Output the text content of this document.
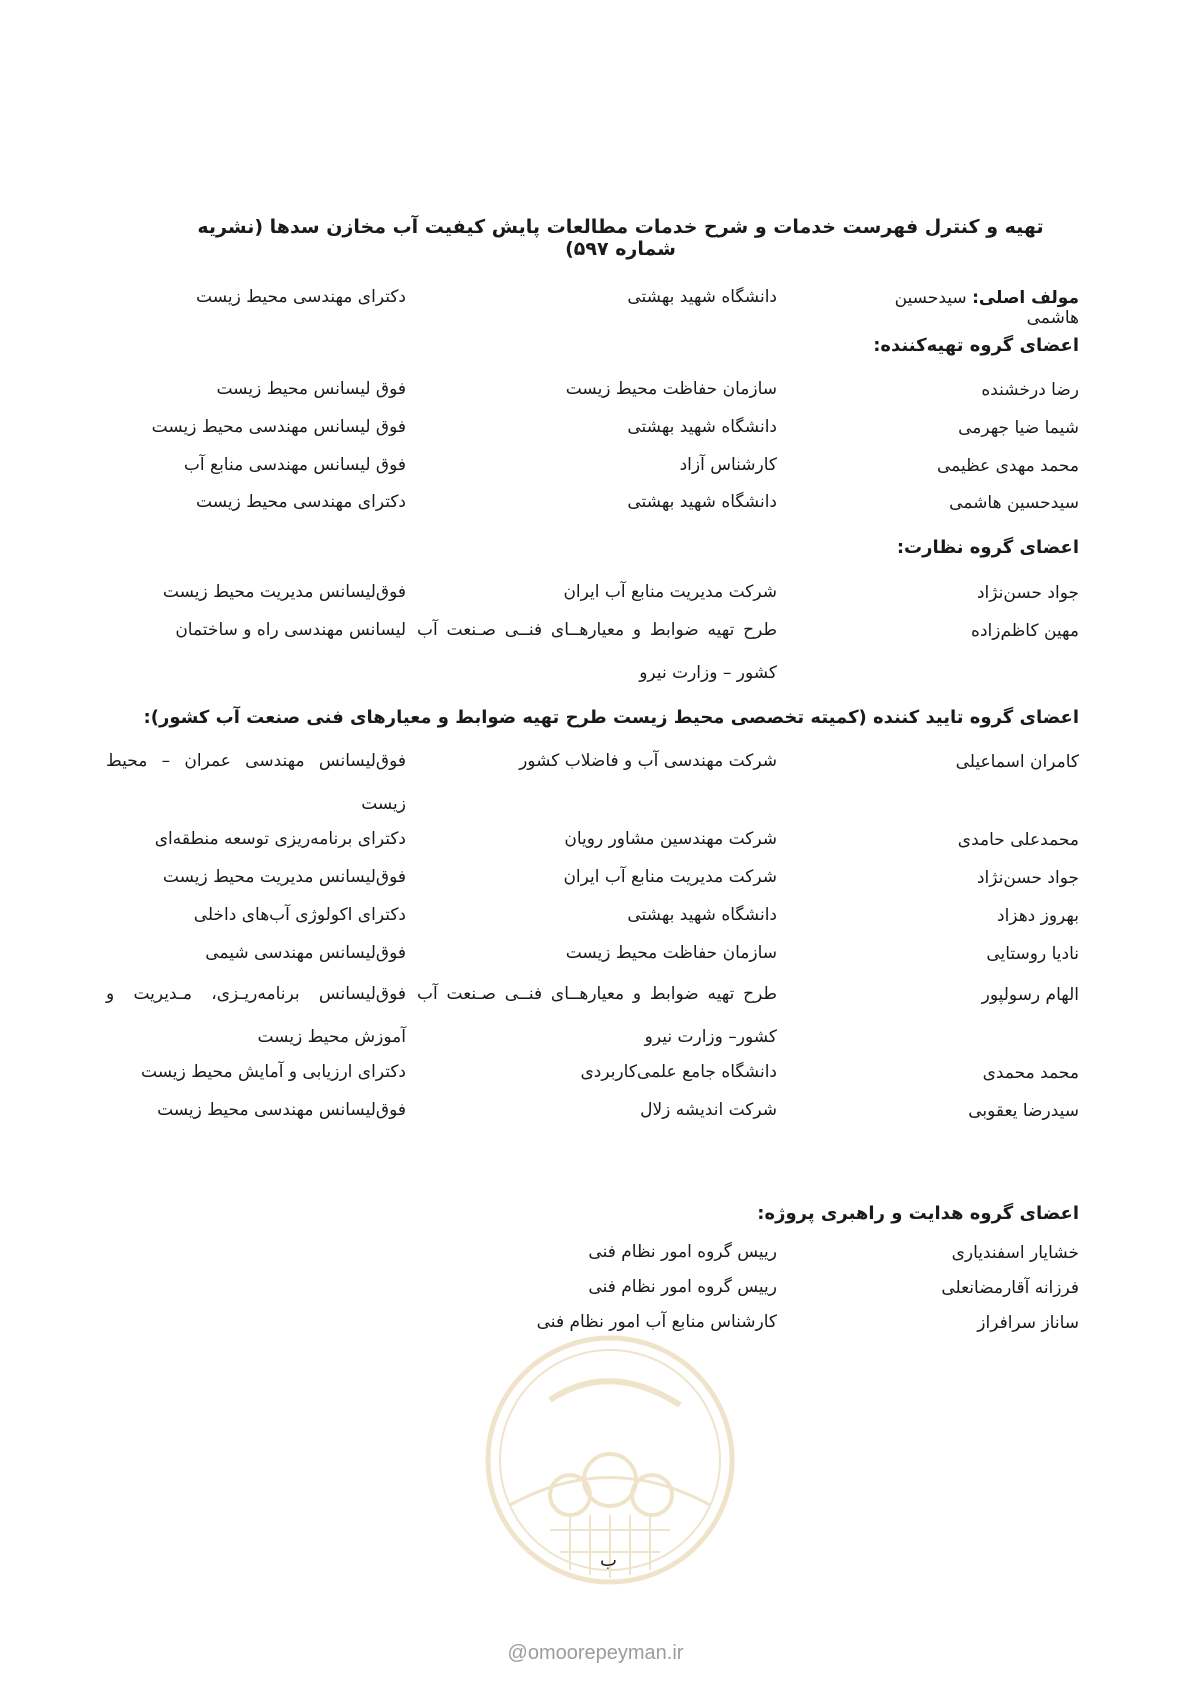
تهیه و کنترل فهرست خدمات و شرح خدمات مطالعات پایش کیفیت آب مخازن سدها (نشریه شماره ۵۹۷)
مولف اصلی: سیدحسین هاشمی
دانشگاه شهید بهشتی
دکترای مهندسی محیط زیست
اعضای گروه تهیه‌کننده:
رضا درخشنده
سازمان حفاظت محیط زیست
فوق لیسانس محیط زیست
شیما ضیا جهرمی
دانشگاه شهید بهشتی
فوق لیسانس مهندسی محیط زیست
محمد مهدی عظیمی
کارشناس آزاد
فوق لیسانس مهندسی منابع آب
سیدحسین هاشمی
دانشگاه شهید بهشتی
دکترای مهندسی محیط زیست
اعضای گروه نظارت:
جواد حسن‌نژاد
شرکت مدیریت منابع آب ایران
فوق‌لیسانس مدیریت محیط زیست
مهین کاظم‌زاده
طرح تهیه ضوابط و معیارهــای فنــی صـنعت آب کشور – وزارت نیرو
لیسانس مهندسی راه و ساختمان
اعضای گروه تایید کننده (کمیته تخصصی محیط زیست طرح تهیه ضوابط و معیارهای فنی صنعت آب کشور):
کامران اسماعیلی
شرکت مهندسی آب و فاضلاب کشور
فوق‌لیسانس مهندسی عمران – محیط زیست
محمدعلی حامدی
شرکت مهندسین مشاور رویان
دکترای برنامه‌ریزی توسعه منطقه‌ای
جواد حسن‌نژاد
شرکت مدیریت منابع آب ایران
فوق‌لیسانس مدیریت محیط زیست
بهروز دهزاد
دانشگاه شهید بهشتی
دکترای اکولوژی آب‌های داخلی
نادیا روستایی
سازمان حفاظت محیط زیست
فوق‌لیسانس مهندسی شیمی
الهام رسولپور
طرح تهیه ضوابط و معیارهــای فنــی صـنعت آب کشور– وزارت نیرو
فوق‌لیسانس برنامه‌ریـزی، مـدیریت و آموزش محیط زیست
محمد محمدی
دانشگاه جامع علمی‌کاربردی
دکترای ارزیابی و آمایش محیط زیست
سیدرضا یعقوبی
شرکت اندیشه زلال
فوق‌لیسانس مهندسی محیط زیست
اعضای گروه هدایت و راهبری پروژه:
خشایار اسفندیاری
رییس گروه امور نظام فنی
فرزانه آقارمضانعلی
رییس گروه امور نظام فنی
ساناز سرافراز
کارشناس منابع آب امور نظام فنی
ب
@omoorepeyman.ir
